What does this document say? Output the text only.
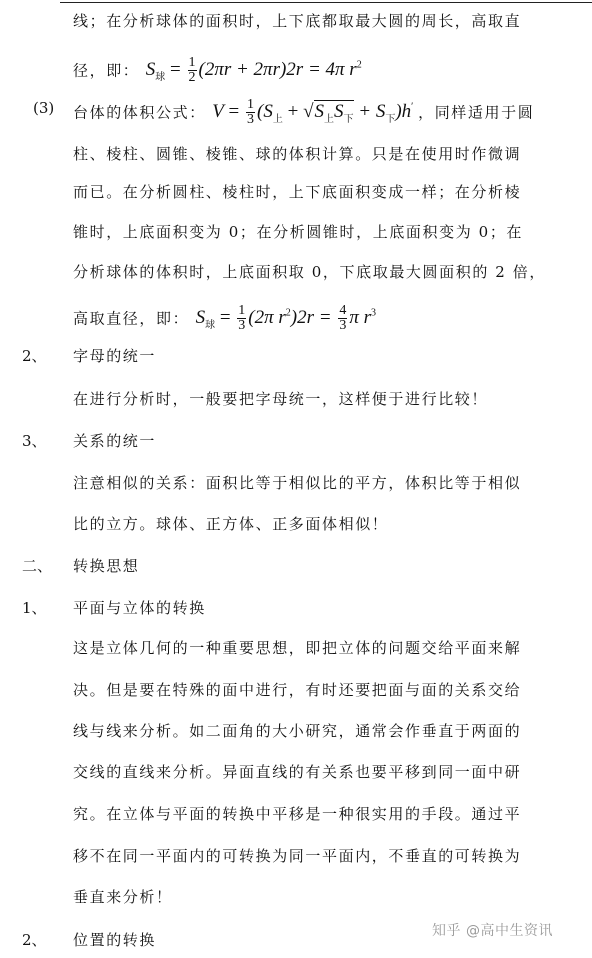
线；在分析球体的面积时，上下底都取最大圆的周长，高取直
径，即： $S_球 = \frac{1}{2} (2\pi r + 2\pi r)2r = 4\pi$ $r^2$
(3) 台体的体积公式： $V = \frac{1}{3} (S_上 + √S_上S_下 + S_下)h'$ ，同样适用于圆
柱、棱柱、圆锥、棱锥、球的体积计算。只是在使用时作微调
而已。在分析圆柱、棱柱时，上下底面积变成一样；在分析棱
锥时，上底面积变为 0；在分析圆锥时，上底面积变为 0；在
分析球体的体积时，上底面积取 0，下底取最大圆面积的 2 倍，
高取直径，即： $S_球 = \frac{1}{3} (2\pi$ $r^2)2r = \frac{4}{3}$ π $r^3$
2、 字母的统一
在进行分析时，一般要把字母统一，这样便于进行比较！
3、 关系的统一
注意相似的关系：面积比等于相似比的平方，体积比等于相似
比的立方。球体、正方体、正多面体相似！
二、 转换思想
1、 平面与立体的转换
这是立体几何的一种重要思想，即把立体的问题交给平面来解
决。但是要在特殊的面中进行，有时还要把面与面的关系交给
线与线来分析。如二面角的大小研究，通常会作垂直于两面的
交线的直线来分析。异面直线的有关系也要平移到同一面中研
究。在立体与平面的转换中平移是一种很实用的手段。通过平
移不在同一平面内的可转换为同一平面内，不垂直的可转换为
垂直来分析！
2、 位置的转换	知乎 @高中生资讯
